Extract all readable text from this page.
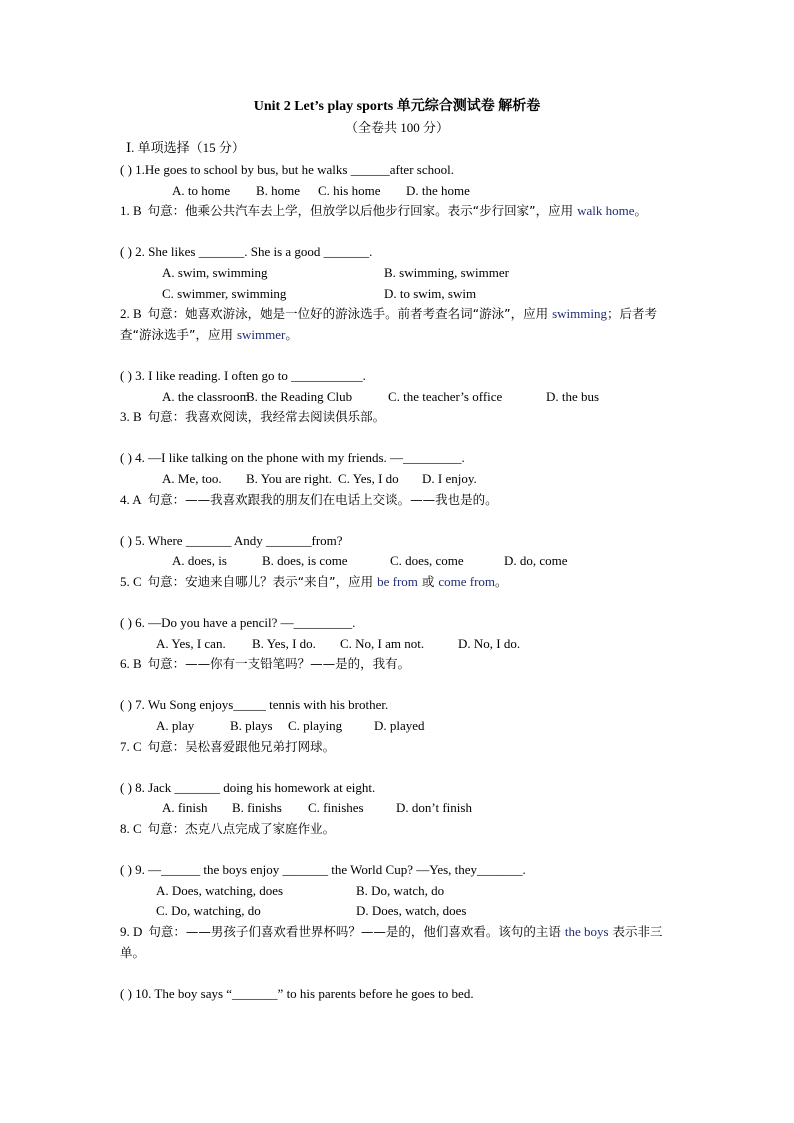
Unit 2 Let’s play sports 单元综合测试卷 解析卷
（全卷共 100 分）
Ⅰ. 单项选择（15 分）
( ) 1.He goes to school by bus, but he walks ______after school.
A. to home B. home C. his home D. the home
1. B 句意：他乘公共汽车去上学，但放学以后他步行回家。表示“步行回家”，应用 walk home。
( ) 2. She likes _______. She is a good _______.
A. swim, swimming	B. swimming, swimmer
C. swimmer, swimming	D. to swim, swim
2. B 句意：她喜欢游泳，她是一位好的游泳选手。前者考查名词“游泳”，应用 swimming；后者考查“游泳选手”，应用 swimmer。
( ) 3. I like reading. I often go to ___________.
A. the classroomB. the Reading Club	C. the teacher’s office	D. the bus
3. B 句意：我喜欢阅读，我经常去阅读俱乐部。
( ) 4. —I like talking on the phone with my friends. —_________.
A. Me, too. B. You are right. C. Yes, I do D. I enjoy.
4. A 句意：——我喜欢跟我的朋友们在电话上交谈。——我也是的。
( ) 5. Where _______ Andy _______from?
A. does, is	B. does, is come	C. does, come	D. do, come
5. C 句意：安迪来自哪儿？表示“来自”，应用 be from 或 come from。
( ) 6. —Do you have a pencil? —_________.
A. Yes, I can. B. Yes, I do. C. No, I am not.	D. No, I do.
6. B 句意：——你有一支铅笔吗？——是的，我有。
( ) 7. Wu Song enjoys_____ tennis with his brother.
A. play	B. plays C. playing D. played
7. C 句意：吴松喜爱跟他兄弟打网球。
( ) 8. Jack _______ doing his homework at eight.
A. finish B. finishs C. finishes D. don’t finish
8. C 句意：杰克八点完成了家庭作业。
( ) 9. —______ the boys enjoy _______ the World Cup? —Yes, they_______.
A. Does, watching, does	B. Do, watch, do
C. Do, watching, do	D. Does, watch, does
9. D 句意：——男孩子们喜欢看世界杯吗？——是的，他们喜欢看。该句的主语 the boys 表示非三单。
( ) 10. The boy says “_______” to his parents before he goes to bed.
